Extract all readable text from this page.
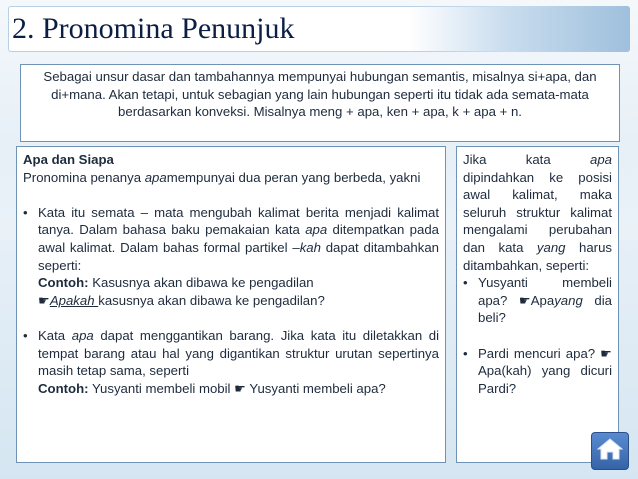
2. Pronomina Penunjuk

Sebagai unsur dasar dan tambahannya mempunyai hubungan semantis, misalnya si+apa, dan di+mana. Akan tetapi, untuk sebagian yang lain hubungan seperti itu tidak ada semata-mata berdasarkan konveksi. Misalnya meng + apa, ken + apa, k + apa + n.

Apa dan Siapa

Pronomina penanya apamempunyai dua peran yang berbeda, yakni

• Kata itu semata – mata mengubah kalimat berita menjadi kalimat tanya. Dalam bahasa baku pemakaian kata apa ditempatkan pada awal kalimat. Dalam bahas formal partikel –kah dapat ditambahkan seperti:
Contoh: Kasusnya akan dibawa ke pengadilan
☛Apakah kasusnya akan dibawa ke pengadilan?
• Kata apa dapat menggantikan barang. Jika kata itu diletakkan di tempat barang atau hal yang digantikan struktur urutan sepertinya masih tetap sama, seperti
Contoh: Yusyanti membeli mobil ☛ Yusyanti membeli apa?

Jika kata apa dipindahkan ke posisi awal kalimat, maka seluruh struktur kalimat mengalami perubahan dan kata yang harus ditambahkan, seperti:

• Yusyanti membeli apa? ☛Apayang dia beli?
• Pardi mencuri apa? ☛Apa(kah) yang dicuri Pardi?
